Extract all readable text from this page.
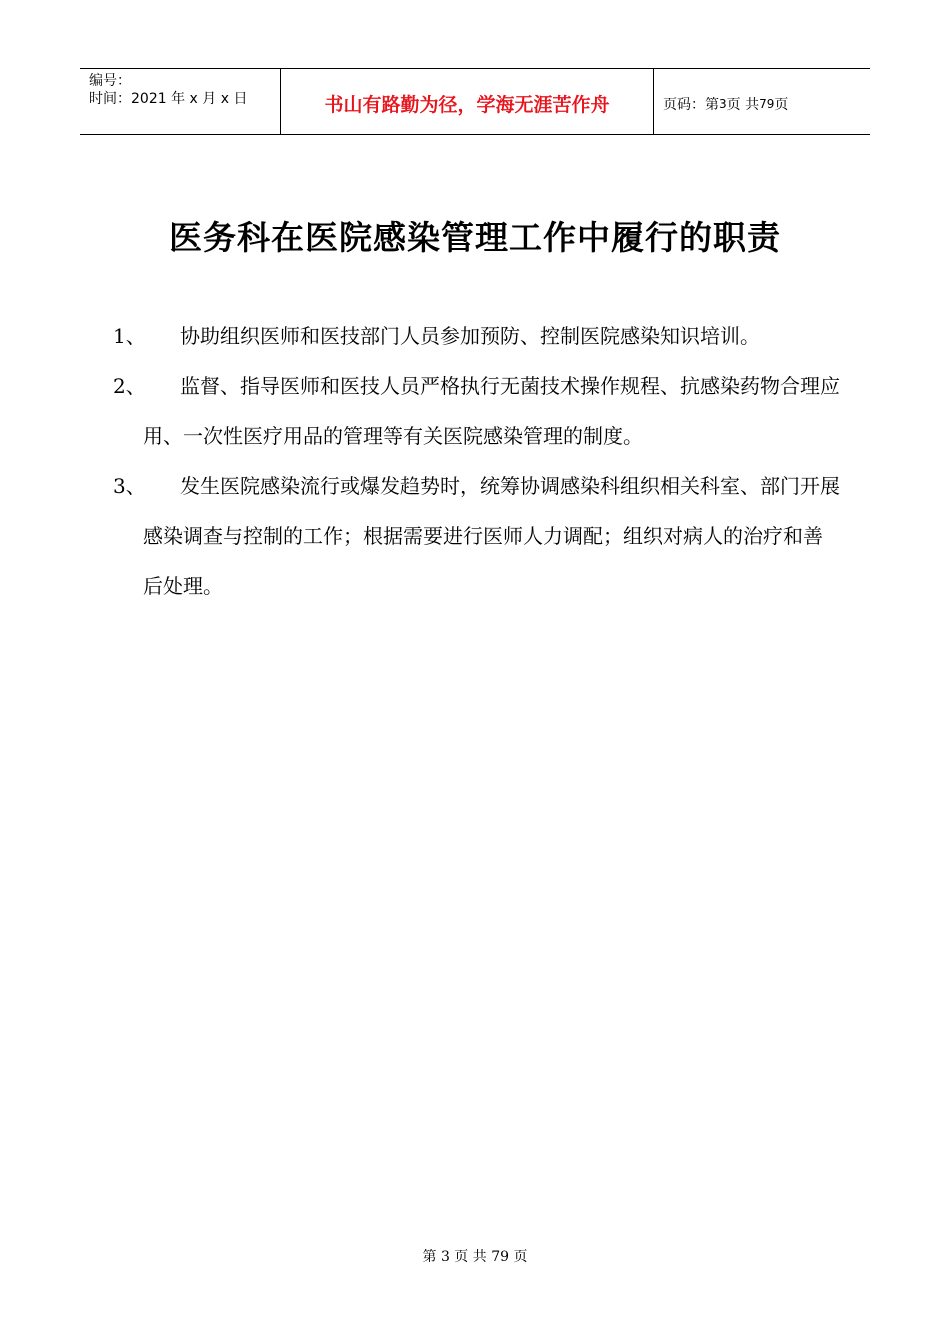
编号：
时间：2021 年 x 月 x 日	书山有路勤为径，学海无涯苦作舟	页码：第 3 页 共 79 页
医务科在医院感染管理工作中履行的职责
1、	协助组织医师和医技部门人员参加预防、控制医院感染知识培训。
2、	监督、指导医师和医技人员严格执行无菌技术操作规程、抗感染药物合理应用、一次性医疗用品的管理等有关医院感染管理的制度。
3、	发生医院感染流行或爆发趋势时，统筹协调感染科组织相关科室、部门开展感染调查与控制的工作；根据需要进行医师人力调配；组织对病人的治疗和善后处理。
第 3 页 共 79 页
